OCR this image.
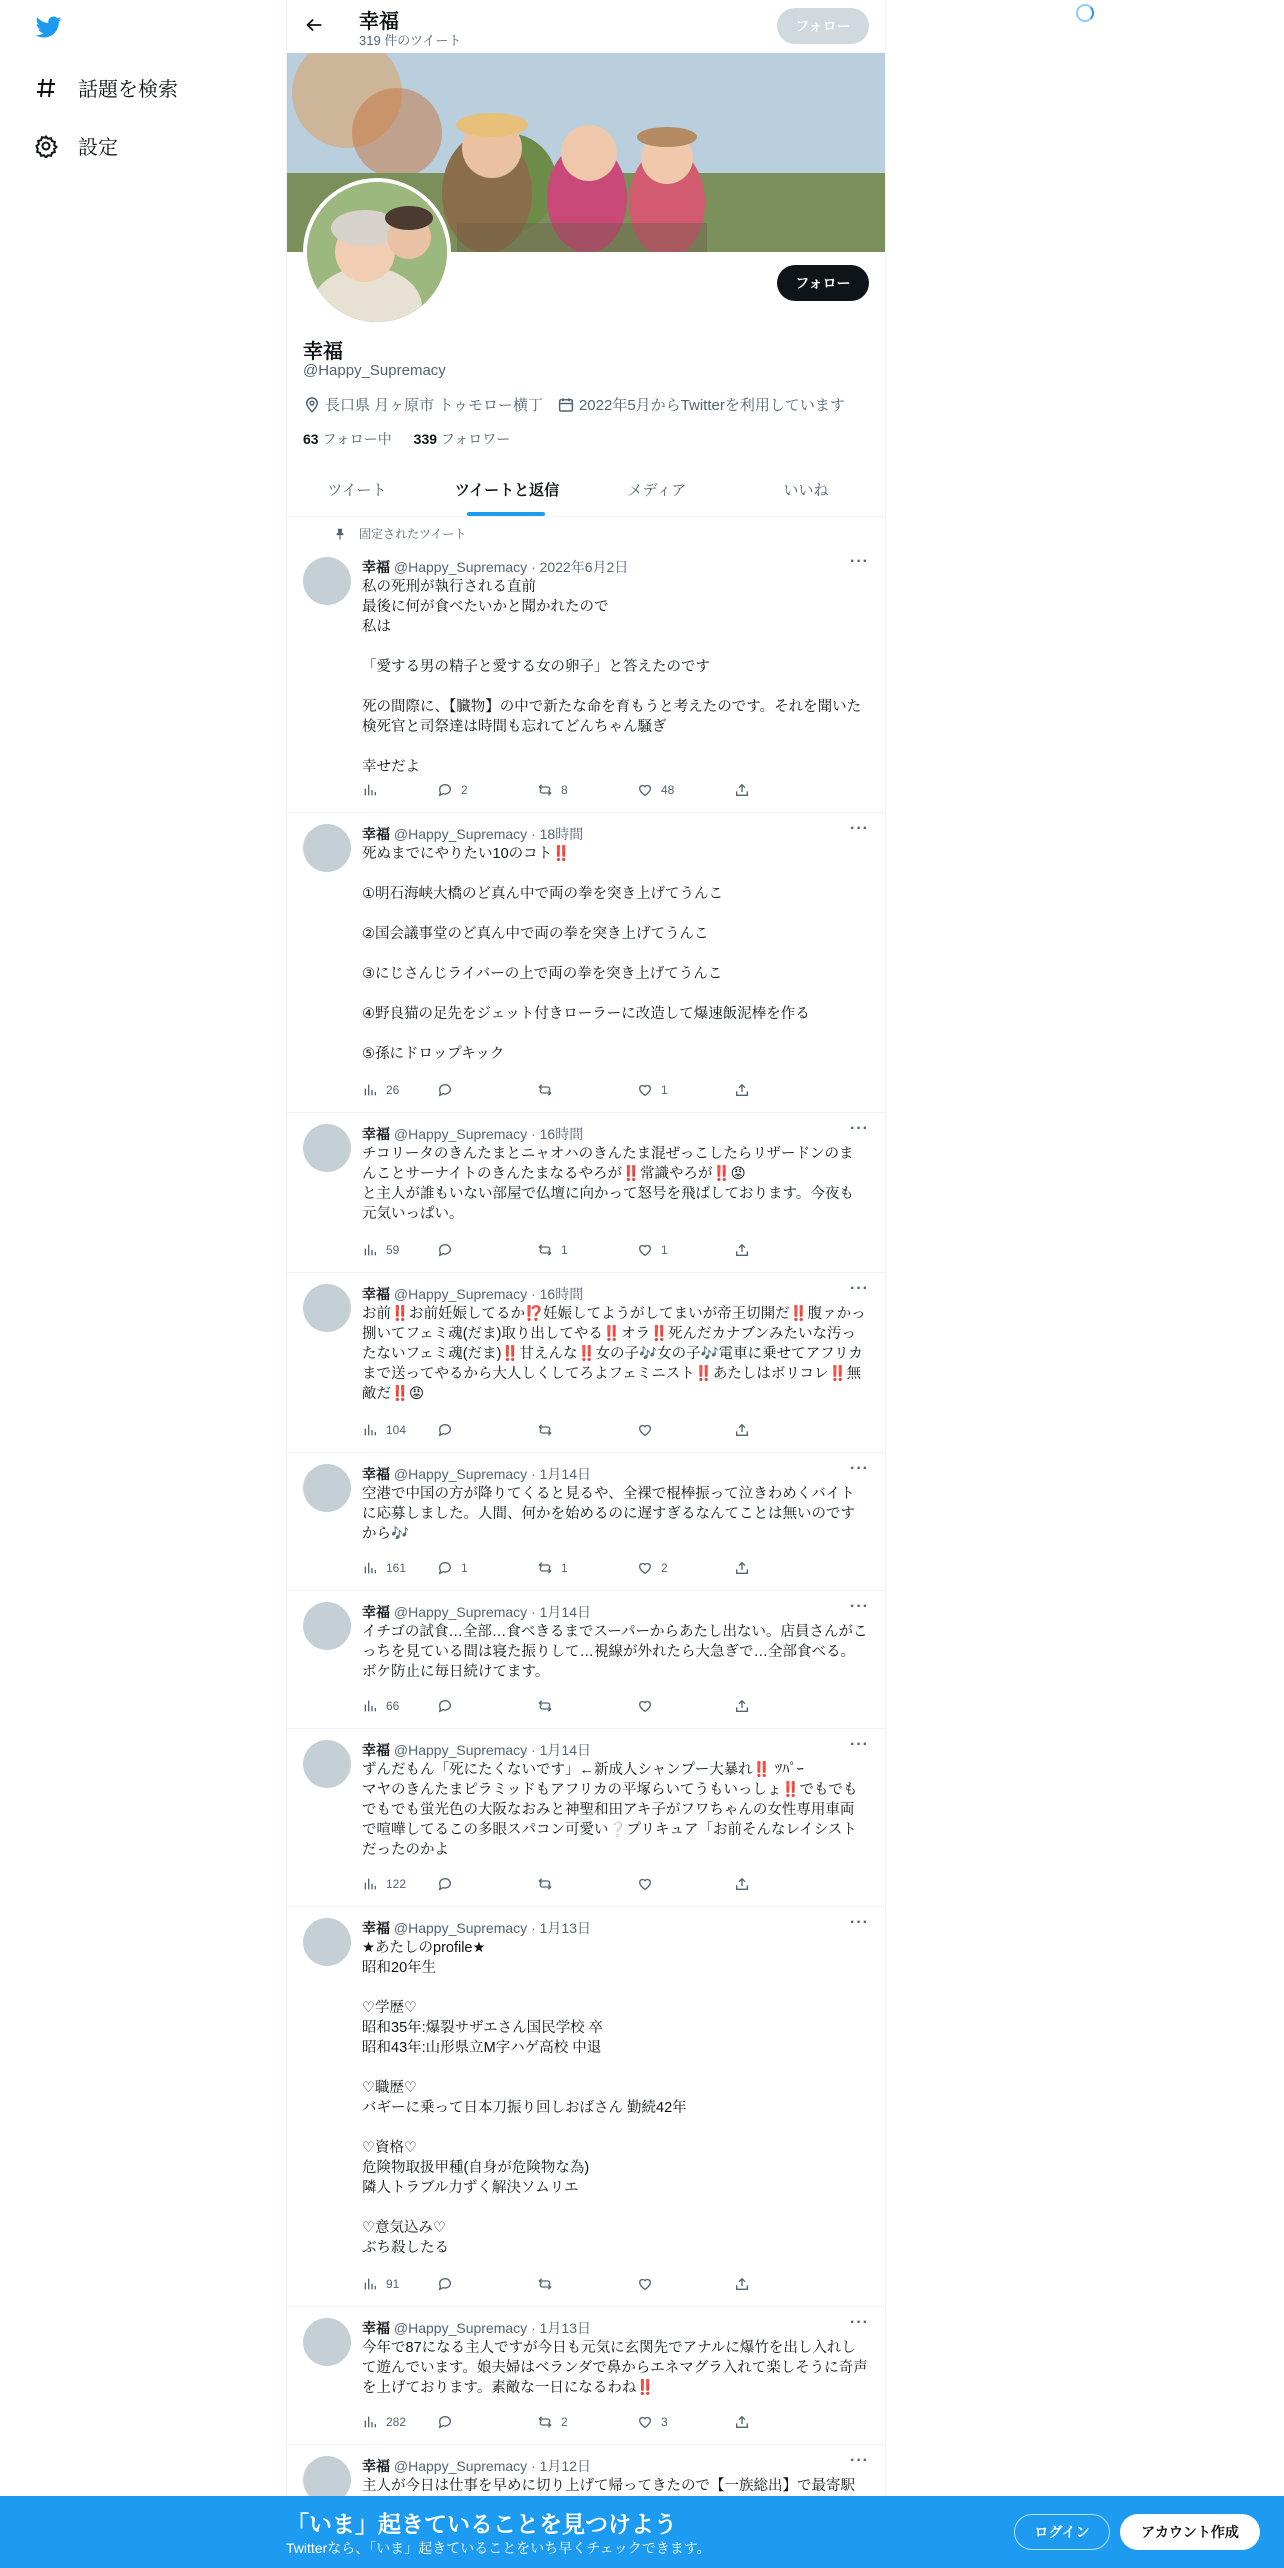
話題を検索
設定
幸福
319 件のツイート
フォロー
フォロー
幸福
@Happy_Supremacy
長口県 月ヶ原市 トゥモロー横丁 2022年5月からTwitterを利用しています
63 フォロー中 339 フォロワー
ツイート	ツイートと返信	メディア	いいね
固定されたツイート
幸福 @Happy_Supremacy · 2022年6月2日	···
私の死刑が執行される直前
最後に何が食べたいかと聞かれたので
私は

「愛する男の精子と愛する女の卵子」と答えたのです

死の間際に、【臓物】の中で新たな命を育もうと考えたのです。それを聞いた検死官と司祭達は時間も忘れてどんちゃん騒ぎ

幸せだよ
2	8	48
幸福 @Happy_Supremacy · 18時間	···
死ぬまでにやりたい10のコト‼️

①明石海峡大橋のど真ん中で両の拳を突き上げてうんこ

②国会議事堂のど真ん中で両の拳を突き上げてうんこ

③にじさんじライバーの上で両の拳を突き上げてうんこ

④野良猫の足先をジェット付きローラーに改造して爆速飯泥棒を作る

⑤孫にドロップキック
26	1
幸福 @Happy_Supremacy · 16時間	···
チコリータのきんたまとニャオハのきんたま混ぜっこしたらリザードンのまんことサーナイトのきんたまなるやろが‼️常識やろが‼️😡
と主人が誰もいない部屋で仏壇に向かって怒号を飛ばしております。今夜も元気いっぱい。
59	1	1
幸福 @Happy_Supremacy · 16時間	···
お前‼️お前妊娠してるか⁉️妊娠してようがしてまいが帝王切開だ‼️腹ァかっ捌いてフェミ魂(だま)取り出してやる‼️オラ‼️死んだカナブンみたいな汚ったないフェミ魂(だま)‼️甘えんな‼️女の子🎶女の子🎶電車に乗せてアフリカまで送ってやるから大人しくしてろよフェミニスト‼️あたしはボリコレ‼️無敵だ‼️😡
104
幸福 @Happy_Supremacy · 1月14日	···
空港で中国の方が降りてくると見るや、全裸で棍棒振って泣きわめくバイトに応募しました。人間、何かを始めるのに遅すぎるなんてことは無いのですから🎶
161	1	1	2
幸福 @Happy_Supremacy · 1月14日	···
イチゴの試食…全部…食べきるまでスーパーからあたし出ない。店員さんがこっちを見ている間は寝た振りして…視線が外れたら大急ぎで…全部食べる。ボケ防止に毎日続けてます。
66
幸福 @Happy_Supremacy · 1月14日	···
ずんだもん「死にたくないです」←新成人シャンプー大暴れ‼️ ﾂﾊﾟｰ
マヤのきんたまピラミッドもアフリカの平塚らいてうもいっしょ‼️でもでもでもでも蛍光色の大阪なおみと神聖和田アキ子がフワちゃんの女性専用車両で喧嘩してるこの多眼スパコン可愛い❔プリキュア「お前そんなレイシストだったのかよ
122
幸福 @Happy_Supremacy · 1月13日	···
★あたしのprofile★
昭和20年生

♡学歴♡
昭和35年:爆裂サザエさん国民学校 卒
昭和43年:山形県立M字ハゲ高校 中退

♡職歴♡
バギーに乗って日本刀振り回しおばさん 勤続42年

♡資格♡
危険物取扱甲種(自身が危険物な為)
隣人トラブル力ずく解決ソムリエ

♡意気込み♡
ぶち殺したる
91
幸福 @Happy_Supremacy · 1月13日	···
今年で87になる主人ですが今日も元気に玄関先でアナルに爆竹を出し入れして遊んでいます。娘夫婦はベランダで鼻からエネマグラ入れて楽しそうに奇声を上げております。素敵な一日になるわね‼️
282	2	3
幸福 @Happy_Supremacy · 1月12日	···
主人が今日は仕事を早めに切り上げて帰ってきたので【一族総出】で最寄駅
「いま」起きていることを見つけよう
Twitterなら、「いま」起きていることをいち早くチェックできます。
ログイン	アカウント作成
